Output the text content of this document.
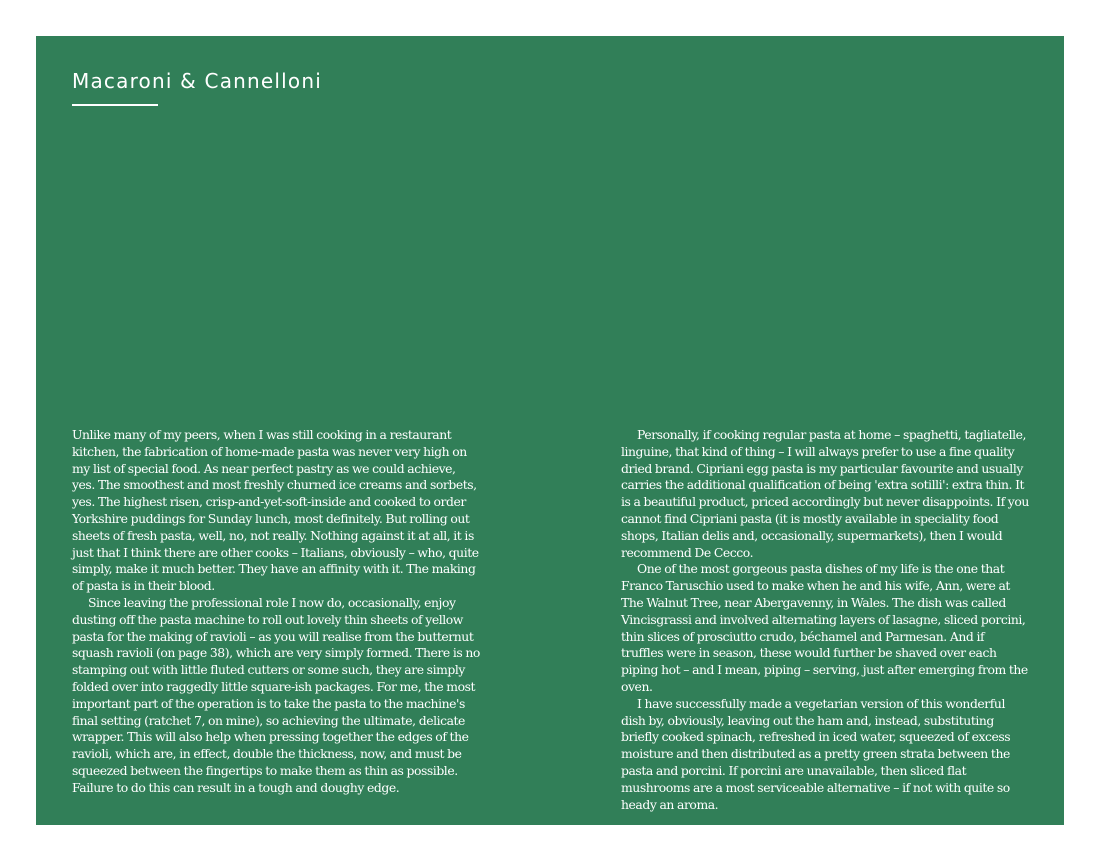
Macaroni & Cannelloni

Unlike many of my peers, when I was still cooking in a restaurant kitchen, the fabrication of home-made pasta was never very high on my list of special food. As near perfect pastry as we could achieve, yes. The smoothest and most freshly churned ice creams and sorbets, yes. The highest risen, crisp-and-yet-soft-inside and cooked to order Yorkshire puddings for Sunday lunch, most definitely. But rolling out sheets of fresh pasta, well, no, not really. Nothing against it at all, it is just that I think there are other cooks – Italians, obviously – who, quite simply, make it much better. They have an affinity with it. The making of pasta is in their blood.

Since leaving the professional role I now do, occasionally, enjoy dusting off the pasta machine to roll out lovely thin sheets of yellow pasta for the making of ravioli – as you will realise from the butternut squash ravioli (on page 38), which are very simply formed. There is no stamping out with little fluted cutters or some such, they are simply folded over into raggedly little square-ish packages. For me, the most important part of the operation is to take the pasta to the machine's final setting (ratchet 7, on mine), so achieving the ultimate, delicate wrapper. This will also help when pressing together the edges of the ravioli, which are, in effect, double the thickness, now, and must be squeezed between the fingertips to make them as thin as possible. Failure to do this can result in a tough and doughy edge.

Personally, if cooking regular pasta at home – spaghetti, tagliatelle, linguine, that kind of thing – I will always prefer to use a fine quality dried brand. Cipriani egg pasta is my particular favourite and usually carries the additional qualification of being 'extra sotilli': extra thin. It is a beautiful product, priced accordingly but never disappoints. If you cannot find Cipriani pasta (it is mostly available in speciality food shops, Italian delis and, occasionally, supermarkets), then I would recommend De Cecco.

One of the most gorgeous pasta dishes of my life is the one that Franco Taruschio used to make when he and his wife, Ann, were at The Walnut Tree, near Abergavenny, in Wales. The dish was called Vincisgrassi and involved alternating layers of lasagne, sliced porcini, thin slices of prosciutto crudo, béchamel and Parmesan. And if truffles were in season, these would further be shaved over each piping hot – and I mean, piping – serving, just after emerging from the oven.

I have successfully made a vegetarian version of this wonderful dish by, obviously, leaving out the ham and, instead, substituting briefly cooked spinach, refreshed in iced water, squeezed of excess moisture and then distributed as a pretty green strata between the pasta and porcini. If porcini are unavailable, then sliced flat mushrooms are a most serviceable alternative – if not with quite so heady an aroma.
